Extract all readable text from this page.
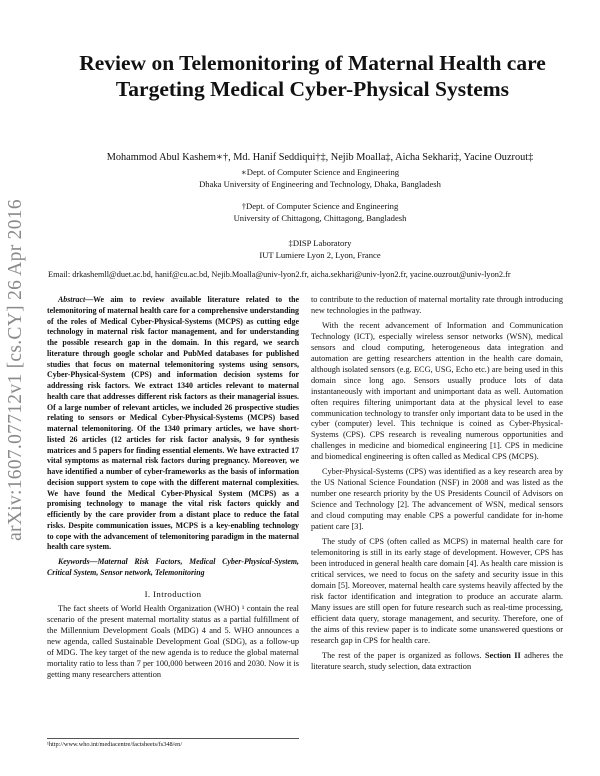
arXiv:1607.07712v1 [cs.CY] 26 Apr 2016
Review on Telemonitoring of Maternal Health care Targeting Medical Cyber-Physical Systems
Mohammod Abul Kashem∗†, Md. Hanif Seddiqui†‡, Nejib Moalla‡, Aicha Sekhari‡, Yacine Ouzrout‡
∗Dept. of Computer Science and Engineering
Dhaka University of Engineering and Technology, Dhaka, Bangladesh
†Dept. of Computer Science and Engineering
University of Chittagong, Chittagong, Bangladesh
‡DISP Laboratory
IUT Lumiere Lyon 2, Lyon, France
Email: drkashemll@duet.ac.bd, hanif@cu.ac.bd, Nejib.Moalla@univ-lyon2.fr, aicha.sekhari@univ-lyon2.fr, yacine.ouzrout@univ-lyon2.fr

Abstract—We aim to review available literature related to the telemonitoring of maternal health care for a comprehensive understanding of the roles of Medical Cyber-Physical-Systems (MCPS) as cutting edge technology in maternal risk factor management, and for understanding the possible research gap in the domain. In this regard, we search literature through google scholar and PubMed databases for published studies that focus on maternal telemonitoring systems using sensors, Cyber-Physical-System (CPS) and information decision systems for addressing risk factors. We extract 1340 articles relevant to maternal health care that addresses different risk factors as their managerial issues. Of a large number of relevant articles, we included 26 prospective studies relating to sensors or Medical Cyber-Physical-Systems (MCPS) based maternal telemonitoring. Of the 1340 primary articles, we have short-listed 26 articles (12 articles for risk factor analysis, 9 for synthesis matrices and 5 papers for finding essential elements. We have extracted 17 vital symptoms as maternal risk factors during pregnancy. Moreover, we have identified a number of cyber-frameworks as the basis of information decision support system to cope with the different maternal complexities. We have found the Medical Cyber-Physical System (MCPS) as a promising technology to manage the vital risk factors quickly and efficiently by the care provider from a distant place to reduce the fatal risks. Despite communication issues, MCPS is a key-enabling technology to cope with the advancement of telemonitoring paradigm in the maternal health care system.

Keywords—Maternal Risk Factors, Medical Cyber-Physical-System, Critical System, Sensor network, Telemonitoring

I. Introduction

The fact sheets of World Health Organization (WHO) ¹ contain the real scenario of the present maternal mortality status as a partial fulfillment of the Millennium Development Goals (MDG) 4 and 5. WHO announces a new agenda, called Sustainable Development Goal (SDG), as a follow-up of MDG. The key target of the new agenda is to reduce the global maternal mortality ratio to less than 7 per 100,000 between 2016 and 2030. Now it is getting many researchers attention

¹http://www.who.int/mediacentre/factsheets/fs348/en/

to contribute to the reduction of maternal mortality rate through introducing new technologies in the pathway.

With the recent advancement of Information and Communication Technology (ICT), especially wireless sensor networks (WSN), medical sensors and cloud computing, heterogeneous data integration and automation are getting researchers attention in the health care domain, although isolated sensors (e.g. ECG, USG, Echo etc.) are being used in this domain since long ago. Sensors usually produce lots of data instantaneously with important and unimportant data as well. Automation often requires filtering unimportant data at the physical level to ease communication technology to transfer only important data to be used in the cyber (computer) level. This technique is coined as Cyber-Physical-Systems (CPS). CPS research is revealing numerous opportunities and challenges in medicine and biomedical engineering [1]. CPS in medicine and biomedical engineering is often called as Medical CPS (MCPS).

Cyber-Physical-Systems (CPS) was identified as a key research area by the US National Science Foundation (NSF) in 2008 and was listed as the number one research priority by the US Presidents Council of Advisors on Science and Technology [2]. The advancement of WSN, medical sensors and cloud computing may enable CPS a powerful candidate for in-home patient care [3].

The study of CPS (often called as MCPS) in maternal health care for telemonitoring is still in its early stage of development. However, CPS has been introduced in general health care domain [4]. As health care mission is critical services, we need to focus on the safety and security issue in this domain [5]. Moreover, maternal health care systems heavily affected by the risk factor identification and integration to produce an accurate alarm. Many issues are still open for future research such as real-time processing, efficient data query, storage management, and security. Therefore, one of the aims of this review paper is to indicate some unanswered questions or research gap in CPS for health care.

The rest of the paper is organized as follows. Section II adheres the literature search, study selection, data extraction
